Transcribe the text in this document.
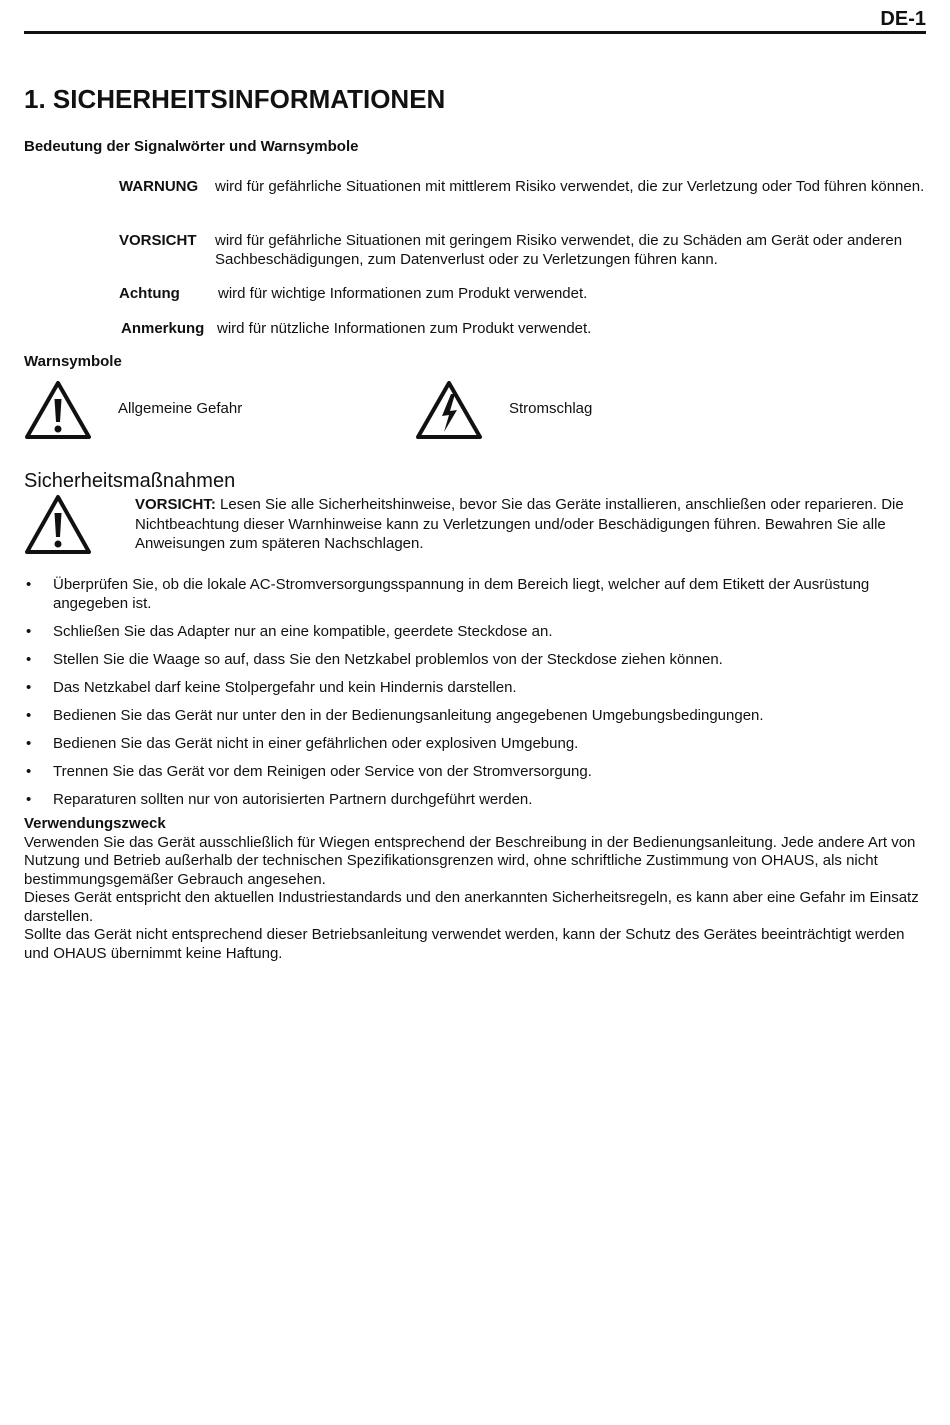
DE-1
1. SICHERHEITSINFORMATIONEN
Bedeutung der Signalwörter und Warnsymbole
WARNUNG wird für gefährliche Situationen mit mittlerem Risiko verwendet, die zur Verletzung oder Tod führen können.
VORSICHT wird für gefährliche Situationen mit geringem Risiko verwendet, die zu Schäden am Gerät oder anderen Sachbeschädigungen, zum Datenverlust oder zu Verletzungen führen kann.
Achtung	wird für wichtige Informationen zum Produkt verwendet.
Anmerkung wird für nützliche Informationen zum Produkt verwendet.
Warnsymbole
Allgemeine Gefahr	Stromschlag
Sicherheitsmaßnahmen
VORSICHT: Lesen Sie alle Sicherheitshinweise, bevor Sie das Geräte installieren, anschließen oder reparieren. Die Nichtbeachtung dieser Warnhinweise kann zu Verletzungen und/oder Beschädigungen führen. Bewahren Sie alle Anweisungen zum späteren Nachschlagen.
• Überprüfen Sie, ob die lokale AC-Stromversorgungsspannung in dem Bereich liegt, welcher auf dem Etikett der Ausrüstung angegeben ist.
• Schließen Sie das Adapter nur an eine kompatible, geerdete Steckdose an.
• Stellen Sie die Waage so auf, dass Sie den Netzkabel problemlos von der Steckdose ziehen können.
• Das Netzkabel darf keine Stolpergefahr und kein Hindernis darstellen.
• Bedienen Sie das Gerät nur unter den in der Bedienungsanleitung angegebenen Umgebungsbedingungen.
• Bedienen Sie das Gerät nicht in einer gefährlichen oder explosiven Umgebung.
• Trennen Sie das Gerät vor dem Reinigen oder Service von der Stromversorgung.
• Reparaturen sollten nur von autorisierten Partnern durchgeführt werden.
Verwendungszweck

Verwenden Sie das Gerät ausschließlich für Wiegen entsprechend der Beschreibung in der Bedienungsanleitung. Jede andere Art von Nutzung und Betrieb außerhalb der technischen Spezifikationsgrenzen wird, ohne schriftliche Zustimmung von OHAUS, als nicht bestimmungsgemäßer Gebrauch angesehen.

Dieses Gerät entspricht den aktuellen Industriestandards und den anerkannten Sicherheitsregeln, es kann aber eine Gefahr im Einsatz darstellen.

Sollte das Gerät nicht entsprechend dieser Betriebsanleitung verwendet werden, kann der Schutz des Gerätes beeinträchtigt werden und OHAUS übernimmt keine Haftung.
